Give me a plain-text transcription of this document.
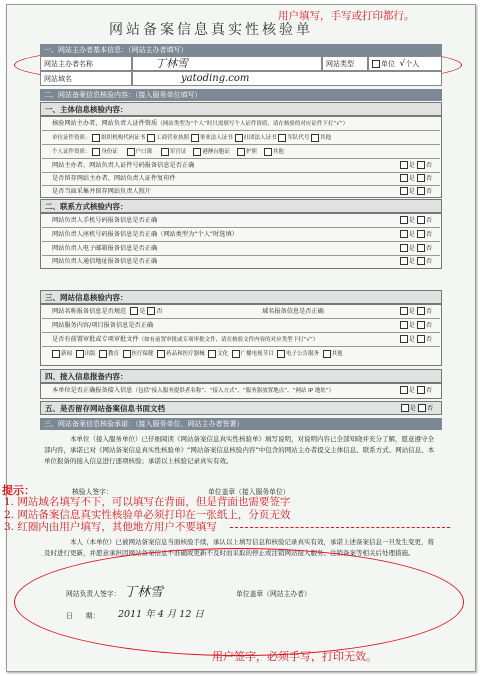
网站备案信息真实性核验单
用户填写，手写或打印都行。
一、网站主办者基本信息：（网站主办者填写）
网站主办者名称	丁林雪	网站类型	单位 √个人
网站域名	yatoding.com
二、网站备案信息核验内容：（接入服务单位填写）
一、主体信息核验内容：
核验网站主办者、网站负责人证件资质（网站类型为“个人”时只需填写个人证件资质，请在核验的对应证件下打“√”）
单位证件资质： 组织机构代码证书 工商营业执照 事业法人证书 社团法人证书 军队代号 其他
个人证件资质： 身份证	户口簿	军官证	港澳台胞证	护照	其他
网站主办者、网站负责人证件号码报备信息是否正确	是 否
是否留存网站主办者、网站负责人证件复印件	是 否
是否当面采集并留存网站负责人照片	是 否
二、联系方式核验内容：
网站负责人手机号码报备信息是否正确	是 否
网站负责人座机号码报备信息是否正确（网站类型为“个人”时选填）	是 否
网站负责人电子邮箱报备信息是否正确	是 否
网站负责人通信地址报备信息是否正确	是 否
三、网站信息核验内容：
网站名称报备信息是否规范 是 否	域名报备信息是否正确	是 否
网站服务内容/项目报备信息是否正确	是 否
是否有前置审批或专项审批文件（如有前置审批或专项审批文件，请在核验文件内容的对应类型下打“√”）	是 否
新闻 出版 教育 医疗保健 药品和医疗器械 文化 广播电视节目 电子公告服务 其他
四、接入信息报备内容：
本单位是否正确报备接入信息（包括“接入服务提供者名称”、“接入方式”、“服务器放置地点”、“网站 IP 地址”）	是 否
五、是否留存网站备案信息书面文档	是 否
三、网站备案信息核验承诺：（接入服务单位、网站主办者签署）
本单位（接入服务单位）已仔细阅读《网站备案信息真实性核验单》填写说明，对说明内容已全部知晓并充分了解，愿意遵守全部内容，承诺已对《网站备案信息真实性核验单》“网站备案信息核验内容”中包含的网站主办者提交主体信息、联系方式、网站信息、本单位报备的接入信息进行逐项核验；承诺以上核验记录真实有效。
核验人签字：	单位盖章（接入服务单位）
提示：
1. 网站域名填写不下，可以填写在背面，但是背面也需要签字
2. 网站备案信息真实性核验单必须打印在一张纸上，分页无效
3. 红圈内由用户填写，其他地方用户不要填写
本人（本单位）已被网站备案信息当面核验手续，承认以上填写信息和核验记录真实有效，承诺上述备案信息一旦发生变更，将及时进行更新，并愿意承担因网站备案信息不准确或更新不及时而采取的停止或注销网站接入服务、注销备案等相关后处理措施。
网站负责人签字： 丁林雪	单位盖章（网站主办者）
日 期： 2011 年 4 月 12 日
用户签字，必须手写，打印无效。
